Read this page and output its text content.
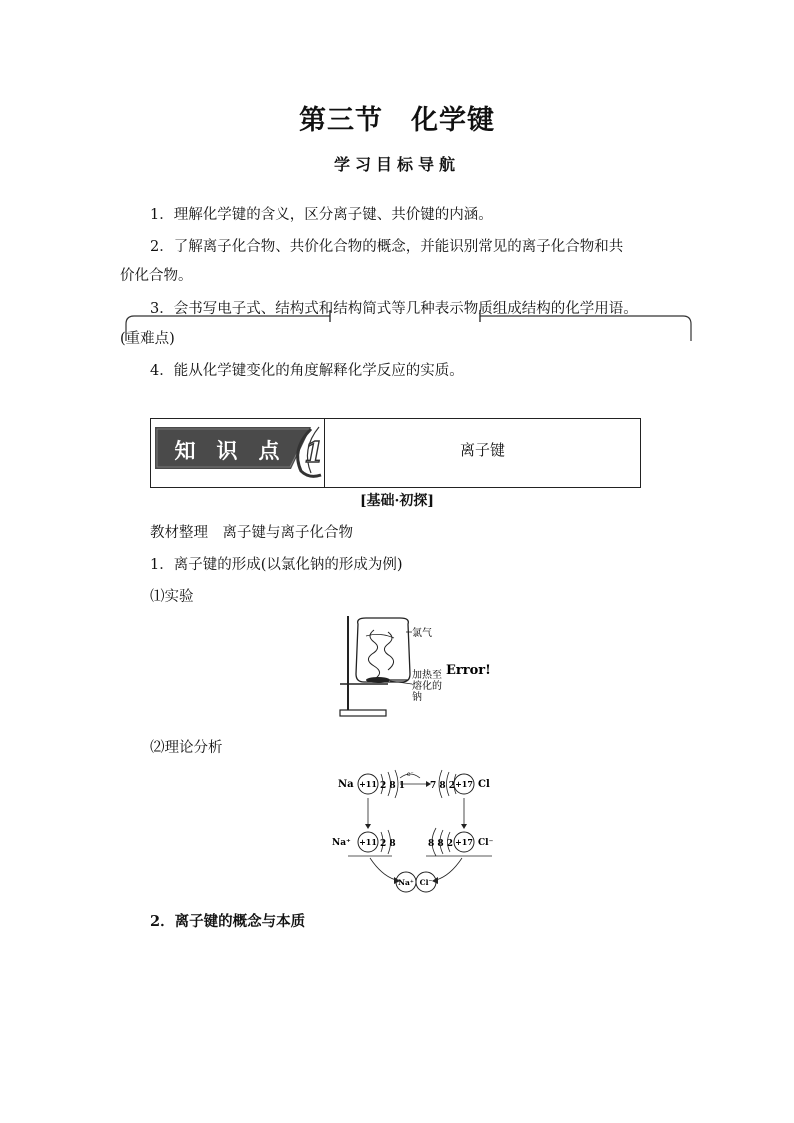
第三节　化学键
学习目标导航
1．理解化学键的含义，区分离子键、共价键的内涵。
2．了解离子化合物、共价化合物的概念，并能识别常见的离子化合物和共
价化合物。
3．会书写电子式、结构式和结构简式等几种表示物质组成结构的化学用语。
(重难点)
4．能从化学键变化的角度解释化学反应的实质。
知 识 点 1	离子键
[基础·初探]
教材整理　离子键与离子化合物
1．离子键的形成(以氯化钠的形成为例)
⑴实验
氯气
加热至
熔化的
钠
Error!
⑵理论分析
Na +11 2 8 1
e⁻
7 8 2 +17 Cl
Na⁺ +11 2 8	8 8 2 +17 Cl⁻
Na⁺ Cl⁻
2．离子键的概念与本质
